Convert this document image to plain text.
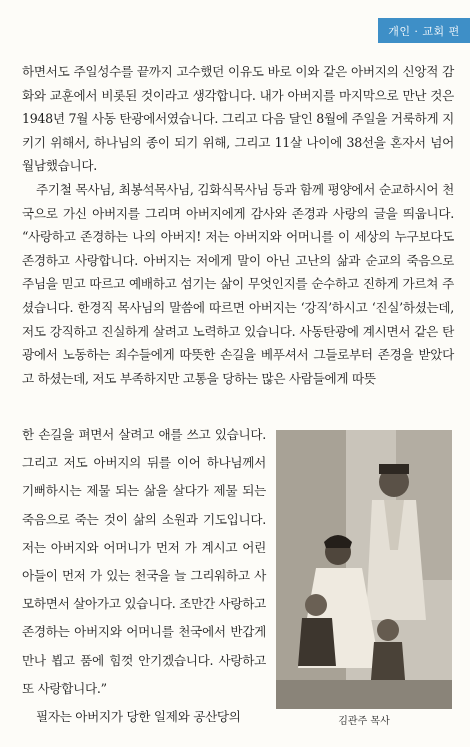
개인 · 교회 편

하면서도 주일성수를 끝까지 고수했던 이유도 바로 이와 같은 아버지의 신앙적 감화와 교훈에서 비롯된 것이라고 생각합니다. 내가 아버지를 마지막으로 만난 것은 1948년 7월 사동 탄광에서였습니다. 그리고 다음 달인 8월에 주일을 거룩하게 지키기 위해서, 하나님의 종이 되기 위해, 그리고 11살 나이에 38선을 혼자서 넘어 월남했습니다.

주기철 목사님, 최봉석목사님, 김화식목사님 등과 함께 평양에서 순교하시어 천국으로 가신 아버지를 그리며 아버지에게 감사와 존경과 사랑의 글을 띄웁니다. “사랑하고 존경하는 나의 아버지! 저는 아버지와 어머니를 이 세상의 누구보다도 존경하고 사랑합니다. 아버지는 저에게 말이 아닌 고난의 삶과 순교의 죽음으로 주님을 믿고 따르고 예배하고 섬기는 삶이 무엇인지를 순수하고 진하게 가르쳐 주셨습니다. 한경직 목사님의 말씀에 따르면 아버지는 ‘강직’하시고 ‘진실’하셨는데, 저도 강직하고 진실하게 살려고 노력하고 있습니다. 사동탄광에 계시면서 같은 탄광에서 노동하는 죄수들에게 따뜻한 손길을 베푸셔서 그들로부터 존경을 받았다고 하셨는데, 저도 부족하지만 고통을 당하는 많은 사람들에게 따뜻

한 손길을 펴면서 살려고 애를 쓰고 있습니다. 그리고 저도 아버지의 뒤를 이어 하나님께서 기뻐하시는 제물 되는 삶을 살다가 제물 되는 죽음으로 죽는 것이 삶의 소원과 기도입니다. 저는 아버지와 어머니가 먼저 가 계시고 어린 아들이 먼저 가 있는 천국을 늘 그리워하고 사모하면서 살아가고 있습니다. 조만간 사랑하고 존경하는 아버지와 어머니를 천국에서 반갑게 만나 뵙고 품에 힘껏 안기겠습니다. 사랑하고 또 사랑합니다.”

필자는 아버지가 당한 일제와 공산당의	김관주 목사
